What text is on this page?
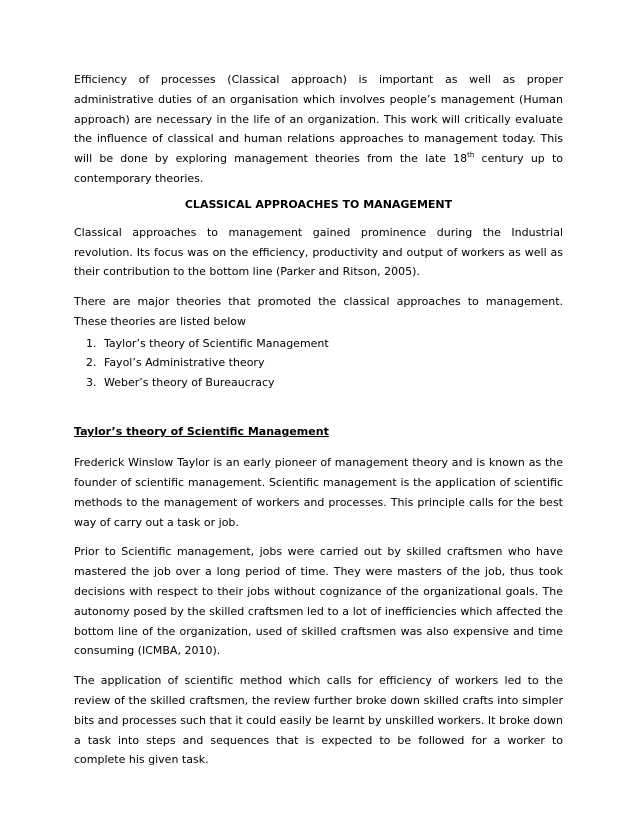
Efficiency of processes (Classical approach) is important as well as proper administrative duties of an organisation which involves people’s management (Human approach) are necessary in the life of an organization. This work will critically evaluate the influence of classical and human relations approaches to management today. This will be done by exploring management theories from the late 18th century up to contemporary theories.

CLASSICAL APPROACHES TO MANAGEMENT

Classical approaches to management gained prominence during the Industrial revolution. Its focus was on the efficiency, productivity and output of workers as well as their contribution to the bottom line (Parker and Ritson, 2005).

There are major theories that promoted the classical approaches to management. These theories are listed below

1. Taylor’s theory of Scientific Management
2. Fayol’s Administrative theory
3. Weber’s theory of Bureaucracy
Taylor’s theory of Scientific Management

Frederick Winslow Taylor is an early pioneer of management theory and is known as the founder of scientific management. Scientific management is the application of scientific methods to the management of workers and processes. This principle calls for the best way of carry out a task or job.

Prior to Scientific management, jobs were carried out by skilled craftsmen who have mastered the job over a long period of time. They were masters of the job, thus took decisions with respect to their jobs without cognizance of the organizational goals. The autonomy posed by the skilled craftsmen led to a lot of inefficiencies which affected the bottom line of the organization, used of skilled craftsmen was also expensive and time consuming (ICMBA, 2010).

The application of scientific method which calls for efficiency of workers led to the review of the skilled craftsmen, the review further broke down skilled crafts into simpler bits and processes such that it could easily be learnt by unskilled workers. It broke down a task into steps and sequences that is expected to be followed for a worker to complete his given task.
